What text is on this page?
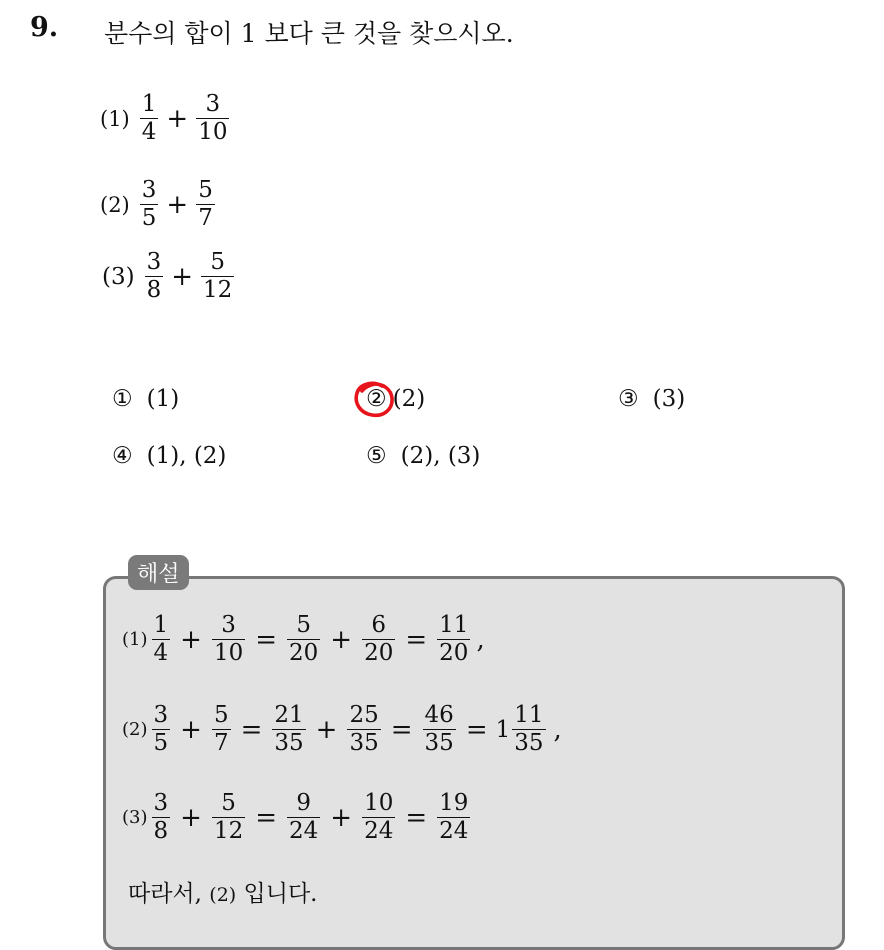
9. 분수의 합이 1 보다 큰 것을 찾으시오.
$(1) \frac{1}{4} + \frac{3}{10}$
$(2) \frac{3}{5} + \frac{5}{7}$
$(3) \frac{3}{8} + \frac{5}{12}$
① (1)	② (2)	③ (3)
④ (1), (2)	⑤ (2), (3)
해설
$(1) \frac{1}{4} + \frac{3}{10} = \frac{5}{20} + \frac{6}{20} = \frac{11}{20}$ ,
$(2) \frac{3}{5} + \frac{5}{7} = \frac{21}{35} + \frac{25}{35} = \frac{46}{35} = 1 \frac{11}{35}$ ,
$(3) \frac{3}{8} + \frac{5}{12} = \frac{9}{24} + \frac{10}{24} = \frac{19}{24}$
따라서, (2) 입니다.
